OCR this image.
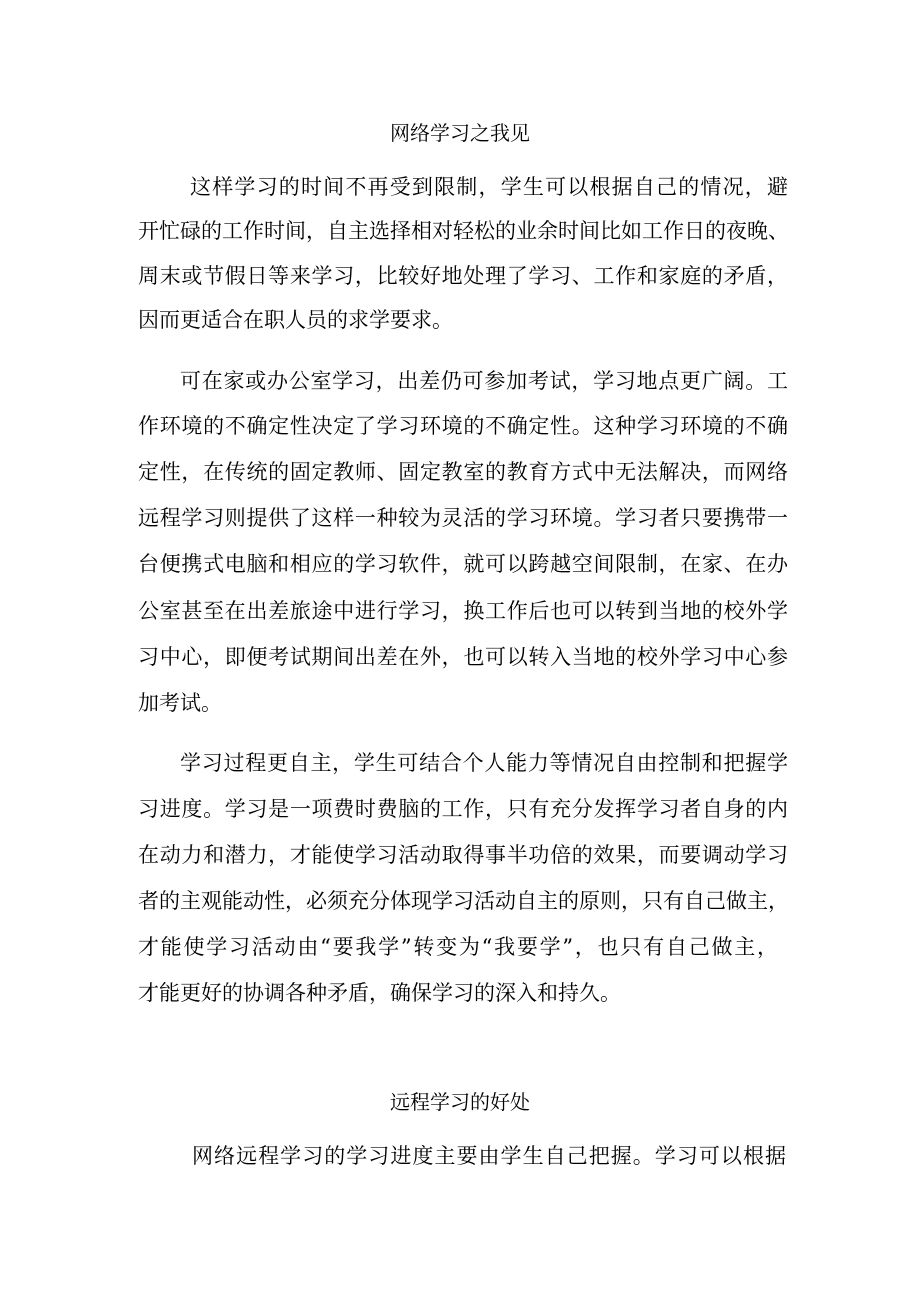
网络学习之我见

这样学习的时间不再受到限制，学生可以根据自己的情况，避

开忙碌的工作时间，自主选择相对轻松的业余时间比如工作日的夜晚、

周末或节假日等来学习，比较好地处理了学习、工作和家庭的矛盾，

因而更适合在职人员的求学要求。

可在家或办公室学习，出差仍可参加考试，学习地点更广阔。工

作环境的不确定性决定了学习环境的不确定性。这种学习环境的不确

定性，在传统的固定教师、固定教室的教育方式中无法解决，而网络

远程学习则提供了这样一种较为灵活的学习环境。学习者只要携带一

台便携式电脑和相应的学习软件，就可以跨越空间限制，在家、在办

公室甚至在出差旅途中进行学习，换工作后也可以转到当地的校外学

习中心，即便考试期间出差在外，也可以转入当地的校外学习中心参

加考试。

学习过程更自主，学生可结合个人能力等情况自由控制和把握学

习进度。学习是一项费时费脑的工作，只有充分发挥学习者自身的内

在动力和潜力，才能使学习活动取得事半功倍的效果，而要调动学习

者的主观能动性，必须充分体现学习活动自主的原则，只有自己做主，

才能使学习活动由“要我学”转变为“我要学”，也只有自己做主，

才能更好的协调各种矛盾，确保学习的深入和持久。

远程学习的好处

网络远程学习的学习进度主要由学生自己把握。学习可以根据
